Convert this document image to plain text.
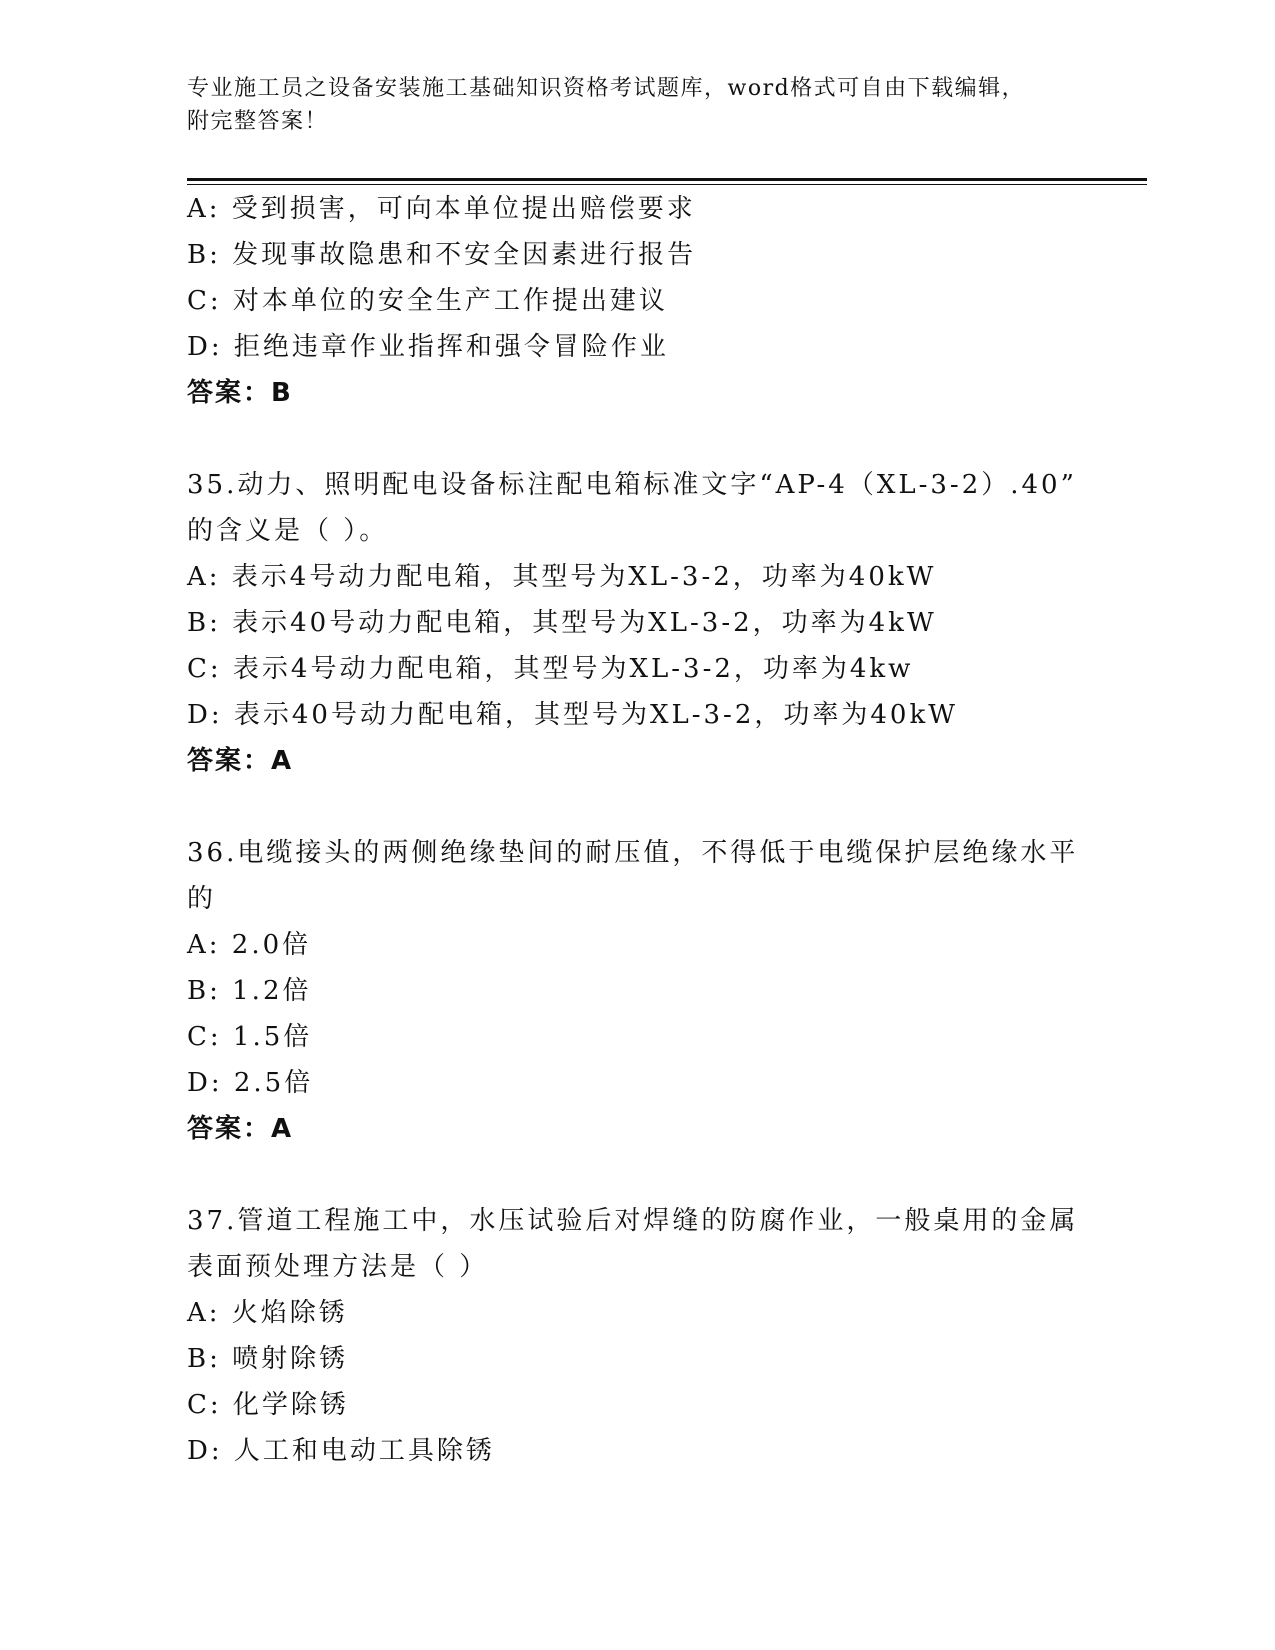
专业施工员之设备安装施工基础知识资格考试题库，word格式可自由下载编辑，
附完整答案！
A: 受到损害，可向本单位提出赔偿要求
B: 发现事故隐患和不安全因素进行报告
C: 对本单位的安全生产工作提出建议
D: 拒绝违章作业指挥和强令冒险作业
答案：B
35.动力、照明配电设备标注配电箱标准文字“AP-4（XL-3-2）.40”
的含义是（ ）。
A: 表示4号动力配电箱，其型号为XL-3-2，功率为40kW
B: 表示40号动力配电箱，其型号为XL-3-2，功率为4kW
C: 表示4号动力配电箱，其型号为XL-3-2，功率为4kw
D: 表示40号动力配电箱，其型号为XL-3-2，功率为40kW
答案：A
36.电缆接头的两侧绝缘垫间的耐压值，不得低于电缆保护层绝缘水平
的
A: 2.0倍
B: 1.2倍
C: 1.5倍
D: 2.5倍
答案：A
37.管道工程施工中，水压试验后对焊缝的防腐作业，一般桌用的金属
表面预处理方法是（ ）
A: 火焰除锈
B: 喷射除锈
C: 化学除锈
D: 人工和电动工具除锈
